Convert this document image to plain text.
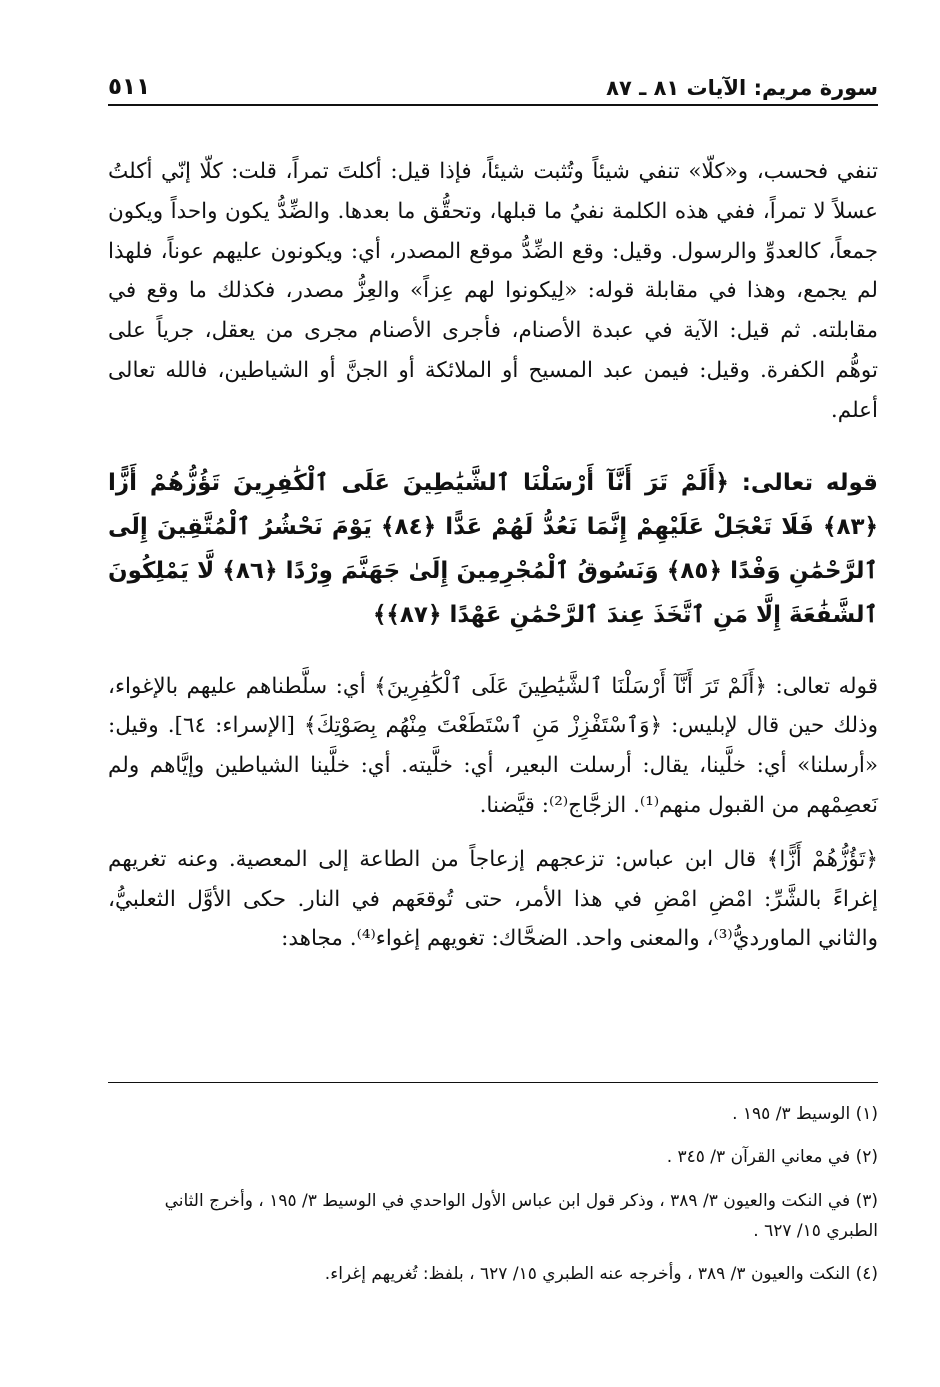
سورة مريم: الآيات ٨١ ـ ٨٧
٥١١

تنفي فحسب، و«كلّا» تنفي شيئاً وتُثبت شيئاً، فإذا قيل: أكلتَ تمراً، قلت: كلّا إنّي أكلتُ عسلاً لا تمراً، ففي هذه الكلمة نفيُ ما قبلها، وتحقُّق ما بعدها. والضِّدُّ يكون واحداً ويكون جمعاً، كالعدوِّ والرسول. وقيل: وقع الضِّدُّ موقع المصدر، أي: ويكونون عليهم عوناً، فلهذا لم يجمع، وهذا في مقابلة قوله: «لِيكونوا لهم عِزاً» والعِزُّ مصدر، فكذلك ما وقع في مقابلته. ثم قيل: الآية في عبدة الأصنام، فأجرى الأصنام مجرى من يعقل، جرياً على توهُّم الكفرة. وقيل: فيمن عبد المسيح أو الملائكة أو الجنَّ أو الشياطين، فالله تعالى أعلم.

قوله تعالى: ﴿أَلَمْ تَرَ أَنَّآ أَرْسَلْنَا ٱلشَّيَٰطِينَ عَلَى ٱلْكَٰفِرِينَ تَؤُزُّهُمْ أَزًّا ﴿٨٣﴾ فَلَا تَعْجَلْ عَلَيْهِمْ إِنَّمَا نَعُدُّ لَهُمْ عَدًّا ﴿٨٤﴾ يَوْمَ نَحْشُرُ ٱلْمُتَّقِينَ إِلَى ٱلرَّحْمَٰنِ وَفْدًا ﴿٨٥﴾ وَنَسُوقُ ٱلْمُجْرِمِينَ إِلَىٰ جَهَنَّمَ وِرْدًا ﴿٨٦﴾ لَّا يَمْلِكُونَ ٱلشَّفَٰعَةَ إِلَّا مَنِ ٱتَّخَذَ عِندَ ٱلرَّحْمَٰنِ عَهْدًا ﴿٨٧﴾﴾

قوله تعالى: ﴿أَلَمْ تَرَ أَنَّآ أَرْسَلْنَا ٱلشَّيَٰطِينَ عَلَى ٱلْكَٰفِرِينَ﴾ أي: سلَّطناهم عليهم بالإغواء، وذلك حين قال لإبليس: ﴿وَٱسْتَفْزِزْ مَنِ ٱسْتَطَعْتَ مِنْهُم بِصَوْتِكَ﴾ [الإسراء: ٦٤]. وقيل: «أرسلنا» أي: خلَّينا، يقال: أرسلت البعير، أي: خلَّيته. أي: خلَّينا الشياطين وإيَّاهم ولم نَعصِمْهم من القبول منهم⁽¹⁾. الزجَّاج⁽²⁾: قيَّضنا.

﴿تَؤُزُّهُمْ أَزًّا﴾ قال ابن عباس: تزعجهم إزعاجاً من الطاعة إلى المعصية. وعنه تغريهم إغراءً بالشَّرِّ: امْضِ امْضِ في هذا الأمر، حتى تُوقعَهم في النار. حكى الأوَّل الثعلبيُّ، والثاني الماورديُّ⁽³⁾، والمعنى واحد. الضحَّاك: تغويهم إغواء⁽⁴⁾. مجاهد:

(١) الوسيط ٣/ ١٩٥ .

(٢) في معاني القرآن ٣/ ٣٤٥ .

(٣) في النكت والعيون ٣/ ٣٨٩ ، وذكر قول ابن عباس الأول الواحدي في الوسيط ٣/ ١٩٥ ، وأخرج الثاني الطبري ١٥/ ٦٢٧ .

(٤) النكت والعيون ٣/ ٣٨٩ ، وأخرجه عنه الطبري ١٥/ ٦٢٧ ، بلفظ: تُغريهم إغراء.
